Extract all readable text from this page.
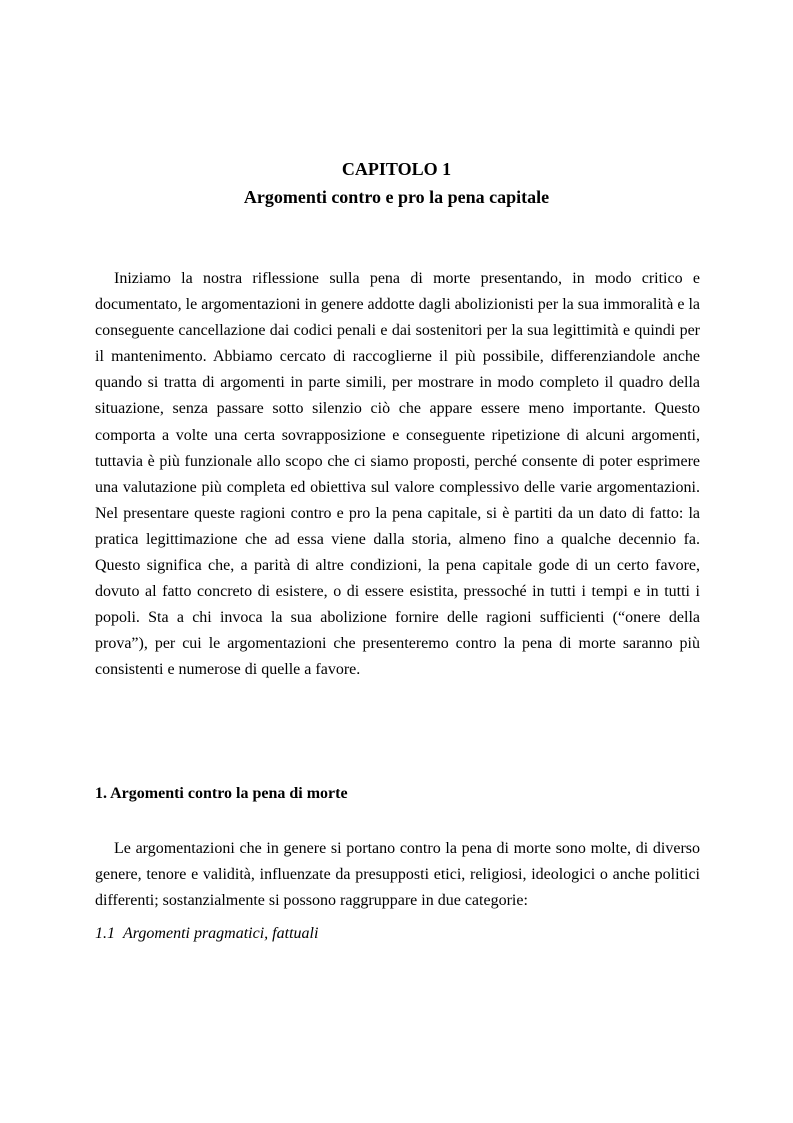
CAPITOLO 1
Argomenti contro e pro la pena capitale

Iniziamo la nostra riflessione sulla pena di morte presentando, in modo critico e documentato, le argomentazioni in genere addotte dagli abolizionisti per la sua immoralità e la conseguente cancellazione dai codici penali e dai sostenitori per la sua legittimità e quindi per il mantenimento. Abbiamo cercato di raccoglierne il più possibile, differenziandole anche quando si tratta di argomenti in parte simili, per mostrare in modo completo il quadro della situazione, senza passare sotto silenzio ciò che appare essere meno importante. Questo comporta a volte una certa sovrapposizione e conseguente ripetizione di alcuni argomenti, tuttavia è più funzionale allo scopo che ci siamo proposti, perché consente di poter esprimere una valutazione più completa ed obiettiva sul valore complessivo delle varie argomentazioni. Nel presentare queste ragioni contro e pro la pena capitale, si è partiti da un dato di fatto: la pratica legittimazione che ad essa viene dalla storia, almeno fino a qualche decennio fa. Questo significa che, a parità di altre condizioni, la pena capitale gode di un certo favore, dovuto al fatto concreto di esistere, o di essere esistita, pressoché in tutti i tempi e in tutti i popoli. Sta a chi invoca la sua abolizione fornire delle ragioni sufficienti (“onere della prova”), per cui le argomentazioni che presenteremo contro la pena di morte saranno più consistenti e numerose di quelle a favore.

1. Argomenti contro la pena di morte

Le argomentazioni che in genere si portano contro la pena di morte sono molte, di diverso genere, tenore e validità, influenzate da presupposti etici, religiosi, ideologici o anche politici differenti; sostanzialmente si possono raggruppare in due categorie:

1.1 Argomenti pragmatici, fattuali
